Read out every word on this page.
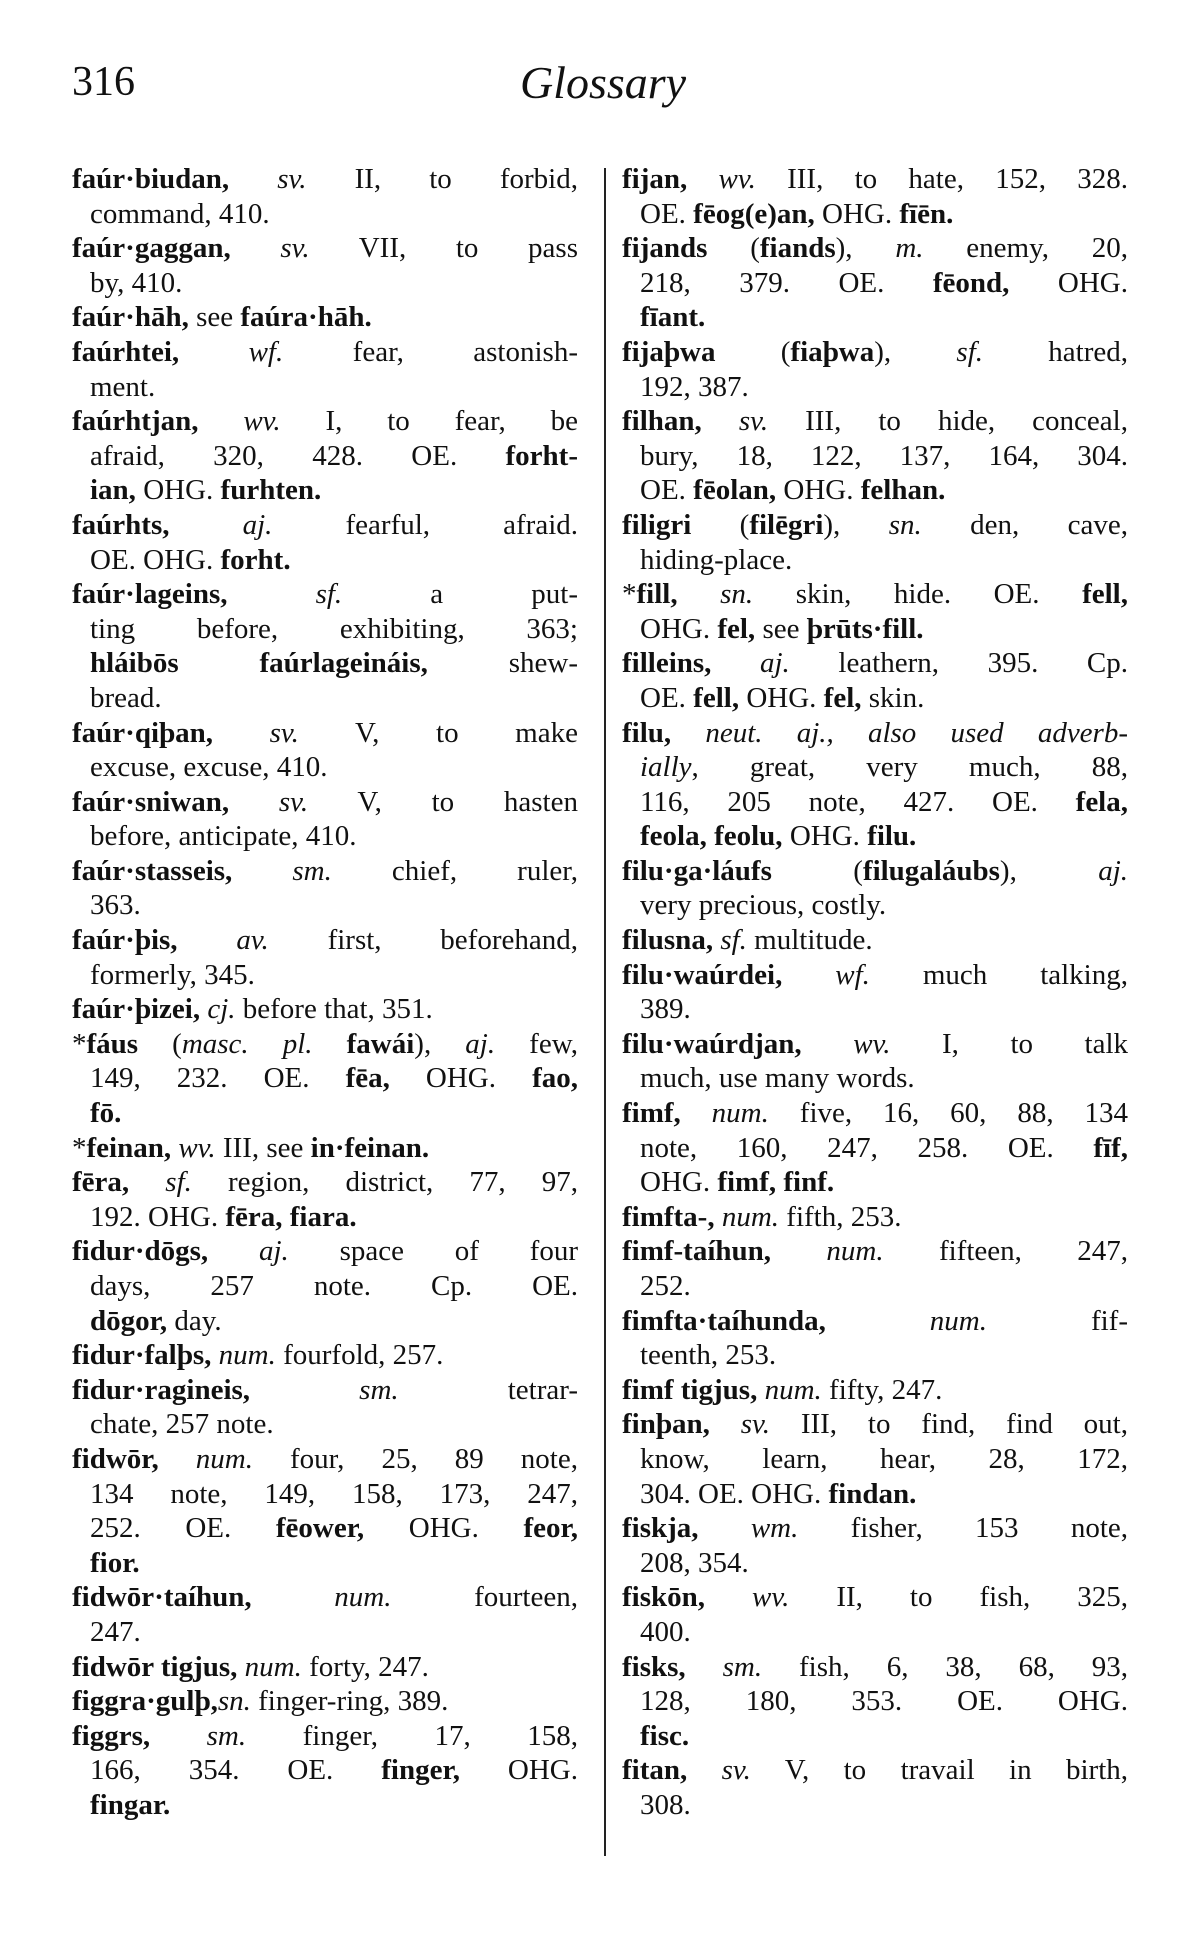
316	Glossary
faúr·biudan, sv. II, to forbid,
command, 410.
faúr·gaggan, sv. VII, to pass
by, 410.
faúr·hāh, see faúra·hāh.
faúrhtei, wf. fear, astonish-
ment.
faúrhtjan, wv. I, to fear, be
afraid, 320, 428. OE. forht-
ian, OHG. furhten.
faúrhts, aj. fearful, afraid.
OE. OHG. forht.
faúr·lageins, sf. a put-
ting before, exhibiting, 363;
hláibōs faúrlageináis, shew-
bread.
faúr·qiþan, sv. V, to make
excuse, excuse, 410.
faúr·sniwan, sv. V, to hasten
before, anticipate, 410.
faúr·stasseis, sm. chief, ruler,
363.
faúr·þis, av. first, beforehand,
formerly, 345.
faúr·þizei, cj. before that, 351.
*fáus (masc. pl. fawái), aj. few,
149, 232. OE. fēa, OHG. fao,
fō.
*feinan, wv. III, see in·feinan.
fēra, sf. region, district, 77, 97,
192. OHG. fēra, fiara.
fidur·dōgs, aj. space of four
days, 257 note. Cp. OE.
dōgor, day.
fidur·falþs, num. fourfold, 257.
fidur·ragineis, sm. tetrar-
chate, 257 note.
fidwōr, num. four, 25, 89 note,
134 note, 149, 158, 173, 247,
252. OE. fēower, OHG. feor,
fior.
fidwōr·taíhun, num. fourteen,
247.
fidwōr tigjus, num. forty, 247.
figgra·gulþ,sn. finger-ring, 389.
figgrs, sm. finger, 17, 158,
166, 354. OE. finger, OHG.
fingar.
fijan, wv. III, to hate, 152, 328.
OE. fēog(e)an, OHG. fīēn.
fijands (fiands), m. enemy, 20,
218, 379. OE. fēond, OHG.
fīant.
fijaþwa (fiaþwa), sf. hatred,
192, 387.
filhan, sv. III, to hide, conceal,
bury, 18, 122, 137, 164, 304.
OE. fēolan, OHG. felhan.
filigri (filēgri), sn. den, cave,
hiding-place.
*fill, sn. skin, hide. OE. fell,
OHG. fel, see þrūts·fill.
filleins, aj. leathern, 395. Cp.
OE. fell, OHG. fel, skin.
filu, neut. aj., also used adverb-
ially, great, very much, 88,
116, 205 note, 427. OE. fela,
feola, feolu, OHG. filu.
filu·ga·láufs (filugaláubs), aj.
very precious, costly.
filusna, sf. multitude.
filu·waúrdei, wf. much talking,
389.
filu·waúrdjan, wv. I, to talk
much, use many words.
fimf, num. five, 16, 60, 88, 134
note, 160, 247, 258. OE. fīf,
OHG. fimf, finf.
fimfta-, num. fifth, 253.
fimf-taíhun, num. fifteen, 247,
252.
fimfta·taíhunda, num. fif-
teenth, 253.
fimf tigjus, num. fifty, 247.
finþan, sv. III, to find, find out,
know, learn, hear, 28, 172,
304. OE. OHG. findan.
fiskja, wm. fisher, 153 note,
208, 354.
fiskōn, wv. II, to fish, 325,
400.
fisks, sm. fish, 6, 38, 68, 93,
128, 180, 353. OE. OHG.
fisc.
fitan, sv. V, to travail in birth,
308.
